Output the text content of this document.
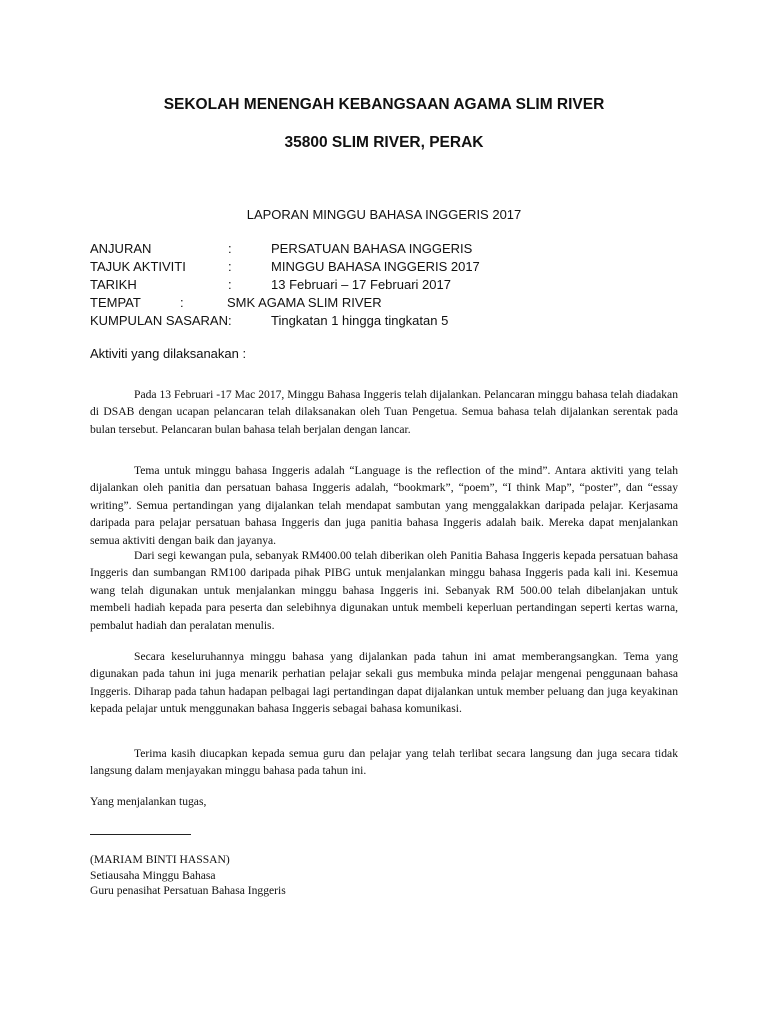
SEKOLAH MENENGAH KEBANGSAAN AGAMA SLIM RIVER
35800 SLIM RIVER, PERAK
LAPORAN MINGGU BAHASA INGGERIS 2017
ANJURAN	:	PERSATUAN BAHASA INGGERIS
TAJUK AKTIVITI	:	MINGGU BAHASA INGGERIS 2017
TARIKH	:	13 Februari – 17 Februari 2017
TEMPAT	:	SMK AGAMA SLIM RIVER
KUMPULAN SASARAN :	Tingkatan 1 hingga tingkatan 5
Aktiviti yang dilaksanakan :

Pada 13 Februari -17 Mac 2017, Minggu Bahasa Inggeris telah dijalankan. Pelancaran minggu bahasa telah diadakan di DSAB dengan ucapan pelancaran telah dilaksanakan oleh Tuan Pengetua. Semua bahasa telah dijalankan serentak pada bulan tersebut. Pelancaran bulan bahasa telah berjalan dengan lancar.

Tema untuk minggu bahasa Inggeris adalah “Language is the reflection of the mind”. Antara aktiviti yang telah dijalankan oleh panitia dan persatuan bahasa Inggeris adalah, “bookmark”, “poem”, “I think Map”, “poster”, dan “essay writing”. Semua pertandingan yang dijalankan telah mendapat sambutan yang menggalakkan daripada pelajar. Kerjasama daripada para pelajar persatuan bahasa Inggeris dan juga panitia bahasa Inggeris adalah baik. Mereka dapat menjalankan semua aktiviti dengan baik dan jayanya.

Dari segi kewangan pula, sebanyak RM400.00 telah diberikan oleh Panitia Bahasa Inggeris kepada persatuan bahasa Inggeris dan sumbangan RM100 daripada pihak PIBG untuk menjalankan minggu bahasa Inggeris pada kali ini. Kesemua wang telah digunakan untuk menjalankan minggu bahasa Inggeris ini. Sebanyak RM 500.00 telah dibelanjakan untuk membeli hadiah kepada para peserta dan selebihnya digunakan untuk membeli keperluan pertandingan seperti kertas warna, pembalut hadiah dan peralatan menulis.

Secara keseluruhannya minggu bahasa yang dijalankan pada tahun ini amat memberangsangkan. Tema yang digunakan pada tahun ini juga menarik perhatian pelajar sekali gus membuka minda pelajar mengenai penggunaan bahasa Inggeris. Diharap pada tahun hadapan pelbagai lagi pertandingan dapat dijalankan untuk member peluang dan juga keyakinan kepada pelajar untuk menggunakan bahasa Inggeris sebagai bahasa komunikasi.

Terima kasih diucapkan kepada semua guru dan pelajar yang telah terlibat secara langsung dan juga secara tidak langsung dalam menjayakan minggu bahasa pada tahun ini.

Yang menjalankan tugas,
(MARIAM BINTI HASSAN)
Setiausaha Minggu Bahasa
Guru penasihat Persatuan Bahasa Inggeris
